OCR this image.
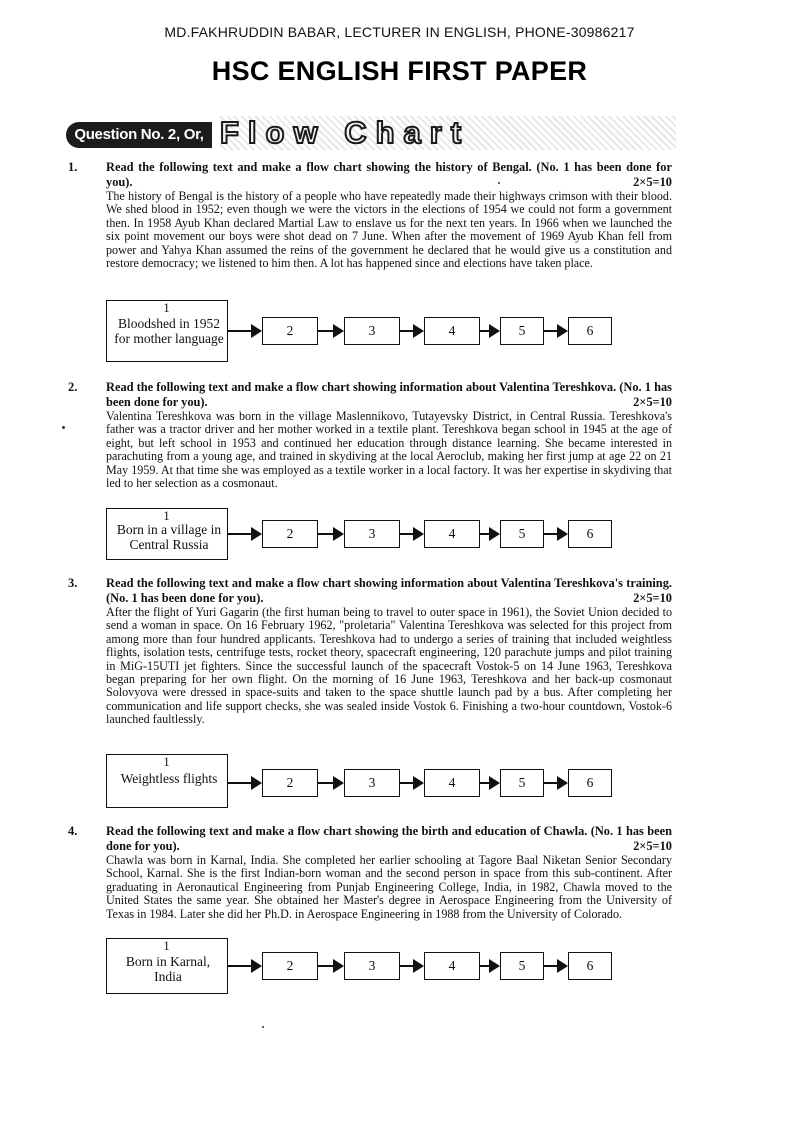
MD.FAKHRUDDIN BABAR, LECTURER IN ENGLISH, PHONE-30986217
HSC ENGLISH FIRST PAPER
Question No. 2, Or, Flow Chart
1. Read the following text and make a flow chart showing the history of Bengal. (No. 1 has been done for you).	2×5=10
The history of Bengal is the history of a people who have repeatedly made their highways crimson with their blood. We shed blood in 1952; even though we were the victors in the elections of 1954 we could not form a government then. In 1958 Ayub Khan declared Martial Law to enslave us for the next ten years. In 1966 when we launched the six point movement our boys were shot dead on 7 June. When after the movement of 1969 Ayub Khan fell from power and Yahya Khan assumed the reins of the government he declared that he would give us a constitution and restore democracy; we listened to him then. A lot has happened since and elections have taken place.
1
Bloodshed in 1952 for mother language
2	3	4	5	6
2. Read the following text and make a flow chart showing information about Valentina Tereshkova. (No. 1 has been done for you).	2×5=10
Valentina Tereshkova was born in the village Maslennikovo, Tutayevsky District, in Central Russia. Tereshkova's father was a tractor driver and her mother worked in a textile plant. Tereshkova began school in 1945 at the age of eight, but left school in 1953 and continued her education through distance learning. She became interested in parachuting from a young age, and trained in skydiving at the local Aeroclub, making her first jump at age 22 on 21 May 1959. At that time she was employed as a textile worker in a local factory. It was her expertise in skydiving that led to her selection as a cosmonaut.
1
Born in a village in Central Russia
2	3	4	5	6
3. Read the following text and make a flow chart showing information about Valentina Tereshkova's training. (No. 1 has been done for you).	2×5=10
After the flight of Yuri Gagarin (the first human being to travel to outer space in 1961), the Soviet Union decided to send a woman in space. On 16 February 1962, "proletaria" Valentina Tereshkova was selected for this project from among more than four hundred applicants. Tereshkova had to undergo a series of training that included weightless flights, isolation tests, centrifuge tests, rocket theory, spacecraft engineering, 120 parachute jumps and pilot training in MiG-15UTI jet fighters. Since the successful launch of the spacecraft Vostok-5 on 14 June 1963, Tereshkova began preparing for her own flight. On the morning of 16 June 1963, Tereshkova and her back-up cosmonaut Solovyova were dressed in space-suits and taken to the space shuttle launch pad by a bus. After completing her communication and life support checks, she was sealed inside Vostok 6. Finishing a two-hour countdown, Vostok-6 launched faultlessly.
1
Weightless flights	2	3	4	5	6
4. Read the following text and make a flow chart showing the birth and education of Chawla. (No. 1 has been done for you).	2×5=10
Chawla was born in Karnal, India. She completed her earlier schooling at Tagore Baal Niketan Senior Secondary School, Karnal. She is the first Indian-born woman and the second person in space from this sub-continent. After graduating in Aeronautical Engineering from Punjab Engineering College, India, in 1982, Chawla moved to the United States the same year. She obtained her Master's degree in Aerospace Engineering from the University of Texas in 1984. Later she did her Ph.D. in Aerospace Engineering in 1988 from the University of Colorado.
1
Born in Karnal, India
2	3	4	5	6
